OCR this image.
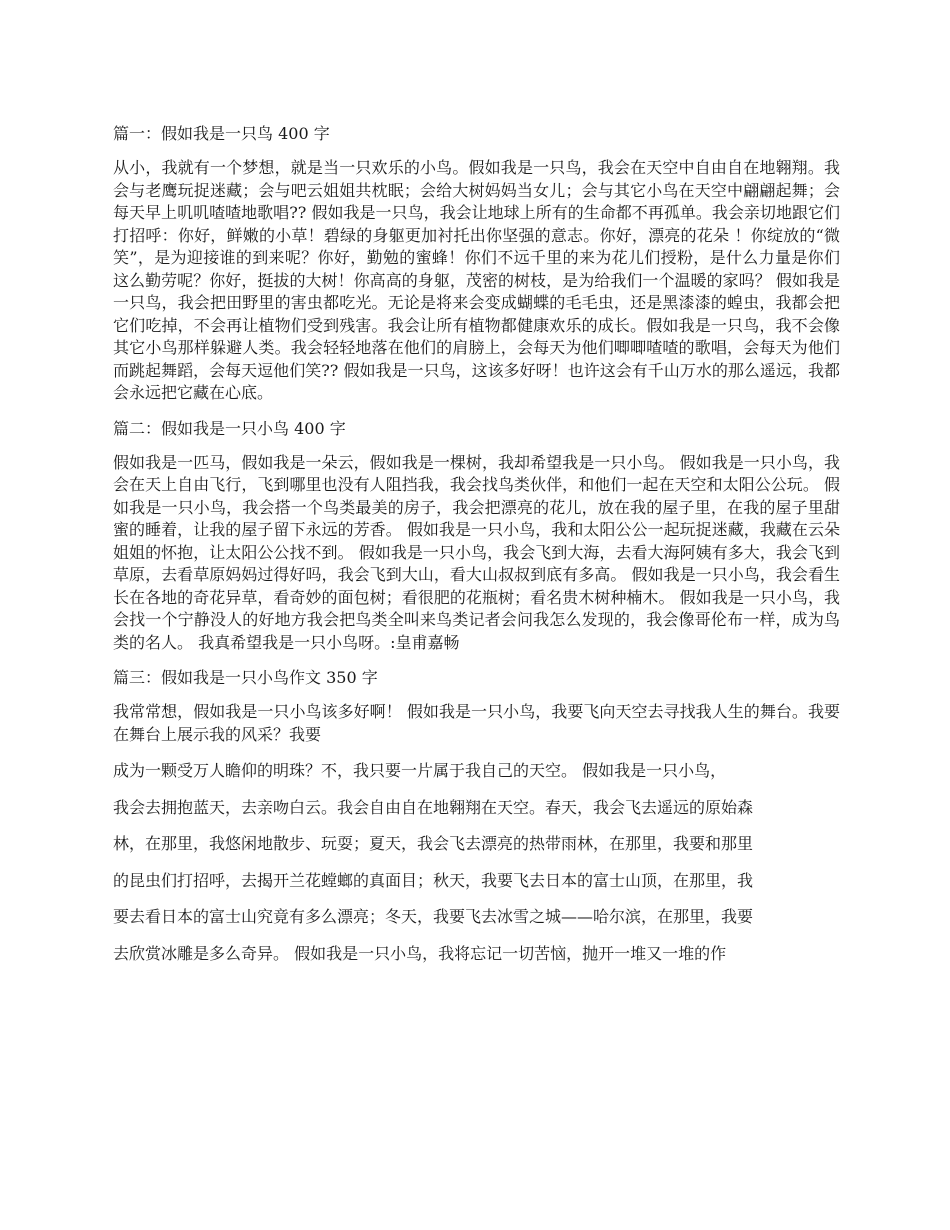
篇一：假如我是一只鸟 400 字
从小，我就有一个梦想，就是当一只欢乐的小鸟。假如我是一只鸟，我会在天空中自由自在地翱翔。我会与老鹰玩捉迷藏；会与吧云姐姐共枕眠；会给大树妈妈当女儿；会与其它小鸟在天空中翩翩起舞；会每天早上叽叽喳喳地歌唱?? 假如我是一只鸟，我会让地球上所有的生命都不再孤单。我会亲切地跟它们打招呼：你好，鲜嫩的小草！碧绿的身躯更加衬托出你坚强的意志。你好，漂亮的花朵 ！你绽放的“微笑”，是为迎接谁的到来呢？你好，勤勉的蜜蜂！你们不远千里的来为花儿们授粉，是什么力量是你们这么勤劳呢？你好，挺拔的大树！你高高的身躯，茂密的树枝，是为给我们一个温暖的家吗？ 假如我是一只鸟，我会把田野里的害虫都吃光。无论是将来会变成蝴蝶的毛毛虫，还是黑漆漆的蝗虫，我都会把它们吃掉，不会再让植物们受到残害。我会让所有植物都健康欢乐的成长。假如我是一只鸟，我不会像其它小鸟那样躲避人类。我会轻轻地落在他们的肩膀上，会每天为他们唧唧喳喳的歌唱，会每天为他们而跳起舞蹈，会每天逗他们笑?? 假如我是一只鸟，这该多好呀！也许这会有千山万水的那么遥远，我都会永远把它藏在心底。
篇二：假如我是一只小鸟 400 字
假如我是一匹马，假如我是一朵云，假如我是一棵树，我却希望我是一只小鸟。 假如我是一只小鸟，我会在天上自由飞行，飞到哪里也没有人阻挡我，我会找鸟类伙伴，和他们一起在天空和太阳公公玩。 假如我是一只小鸟，我会搭一个鸟类最美的房子，我会把漂亮的花儿，放在我的屋子里，在我的屋子里甜蜜的睡着，让我的屋子留下永远的芳香。 假如我是一只小鸟，我和太阳公公一起玩捉迷藏，我藏在云朵姐姐的怀抱，让太阳公公找不到。 假如我是一只小鸟，我会飞到大海，去看大海阿姨有多大，我会飞到草原，去看草原妈妈过得好吗，我会飞到大山，看大山叔叔到底有多高。 假如我是一只小鸟，我会看生长在各地的奇花异草，看奇妙的面包树；看很肥的花瓶树；看名贵木树种楠木。 假如我是一只小鸟，我会找一个宁静没人的好地方我会把鸟类全叫来鸟类记者会问我怎么发现的，我会像哥伦布一样，成为鸟类的名人。 我真希望我是一只小鸟呀。:皇甫嘉畅
篇三：假如我是一只小鸟作文 350 字
我常常想，假如我是一只小鸟该多好啊！ 假如我是一只小鸟，我要飞向天空去寻找我人生的舞台。我要在舞台上展示我的风采？我要
成为一颗受万人瞻仰的明珠？不，我只要一片属于我自己的天空。 假如我是一只小鸟，
我会去拥抱蓝天，去亲吻白云。我会自由自在地翱翔在天空。春天，我会飞去遥远的原始森
林，在那里，我悠闲地散步、玩耍；夏天，我会飞去漂亮的热带雨林，在那里，我要和那里
的昆虫们打招呼，去揭开兰花螳螂的真面目；秋天，我要飞去日本的富士山顶，在那里，我
要去看日本的富士山究竟有多么漂亮；冬天，我要飞去冰雪之城——哈尔滨，在那里，我要
去欣赏冰雕是多么奇异。 假如我是一只小鸟，我将忘记一切苦恼，抛开一堆又一堆的作
